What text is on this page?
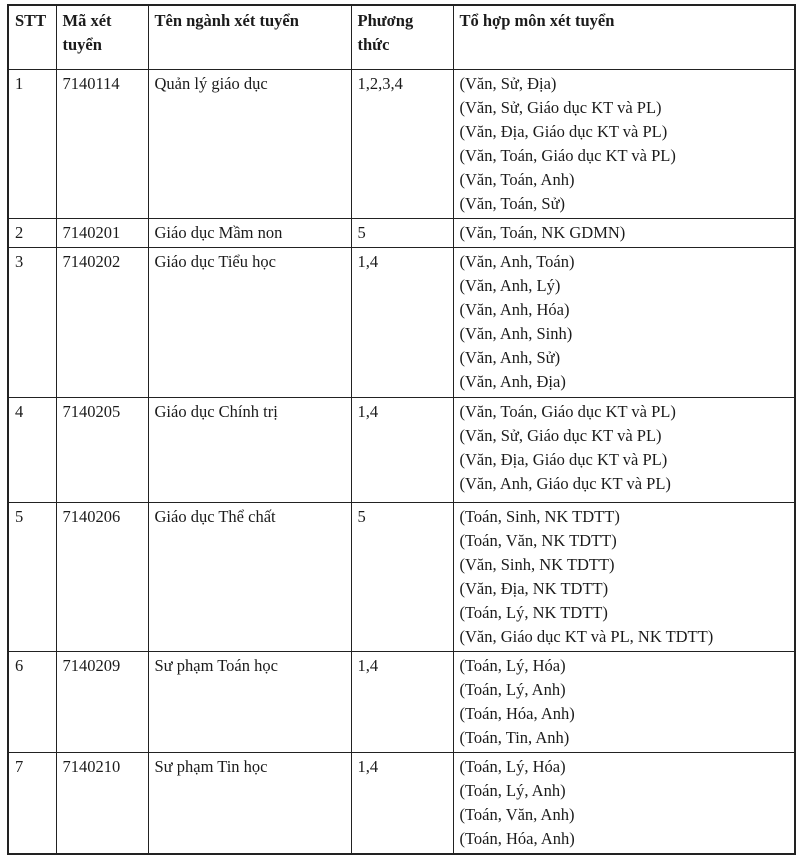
STT	Mã xét tuyển	Tên ngành xét tuyển	Phương thức	Tổ hợp môn xét tuyển
1	7140114	Quản lý giáo dục	1,2,3,4	(Văn, Sử, Địa)
(Văn, Sử, Giáo dục KT và PL)
(Văn, Địa, Giáo dục KT và PL)
(Văn, Toán, Giáo dục KT và PL)
(Văn, Toán, Anh)
(Văn, Toán, Sử)

2	7140201	Giáo dục Mầm non	5	(Văn, Toán, NK GDMN)

3	7140202	Giáo dục Tiểu học	1,4	(Văn, Anh, Toán)
(Văn, Anh, Lý)
(Văn, Anh, Hóa)
(Văn, Anh, Sinh)
(Văn, Anh, Sử)
(Văn, Anh, Địa)

4	7140205	Giáo dục Chính trị	1,4	(Văn, Toán, Giáo dục KT và PL)
(Văn, Sử, Giáo dục KT và PL)
(Văn, Địa, Giáo dục KT và PL)
(Văn, Anh, Giáo dục KT và PL)

5	7140206	Giáo dục Thể chất	5	(Toán, Sinh, NK TDTT)
(Toán, Văn, NK TDTT)
(Văn, Sinh, NK TDTT)
(Văn, Địa, NK TDTT)
(Toán, Lý, NK TDTT)
(Văn, Giáo dục KT và PL, NK TDTT)

6	7140209	Sư phạm Toán học	1,4	(Toán, Lý, Hóa)
(Toán, Lý, Anh)
(Toán, Hóa, Anh)
(Toán, Tin, Anh)

7	7140210	Sư phạm Tin học	1,4	(Toán, Lý, Hóa)
(Toán, Lý, Anh)
(Toán, Văn, Anh)
(Toán, Hóa, Anh)
